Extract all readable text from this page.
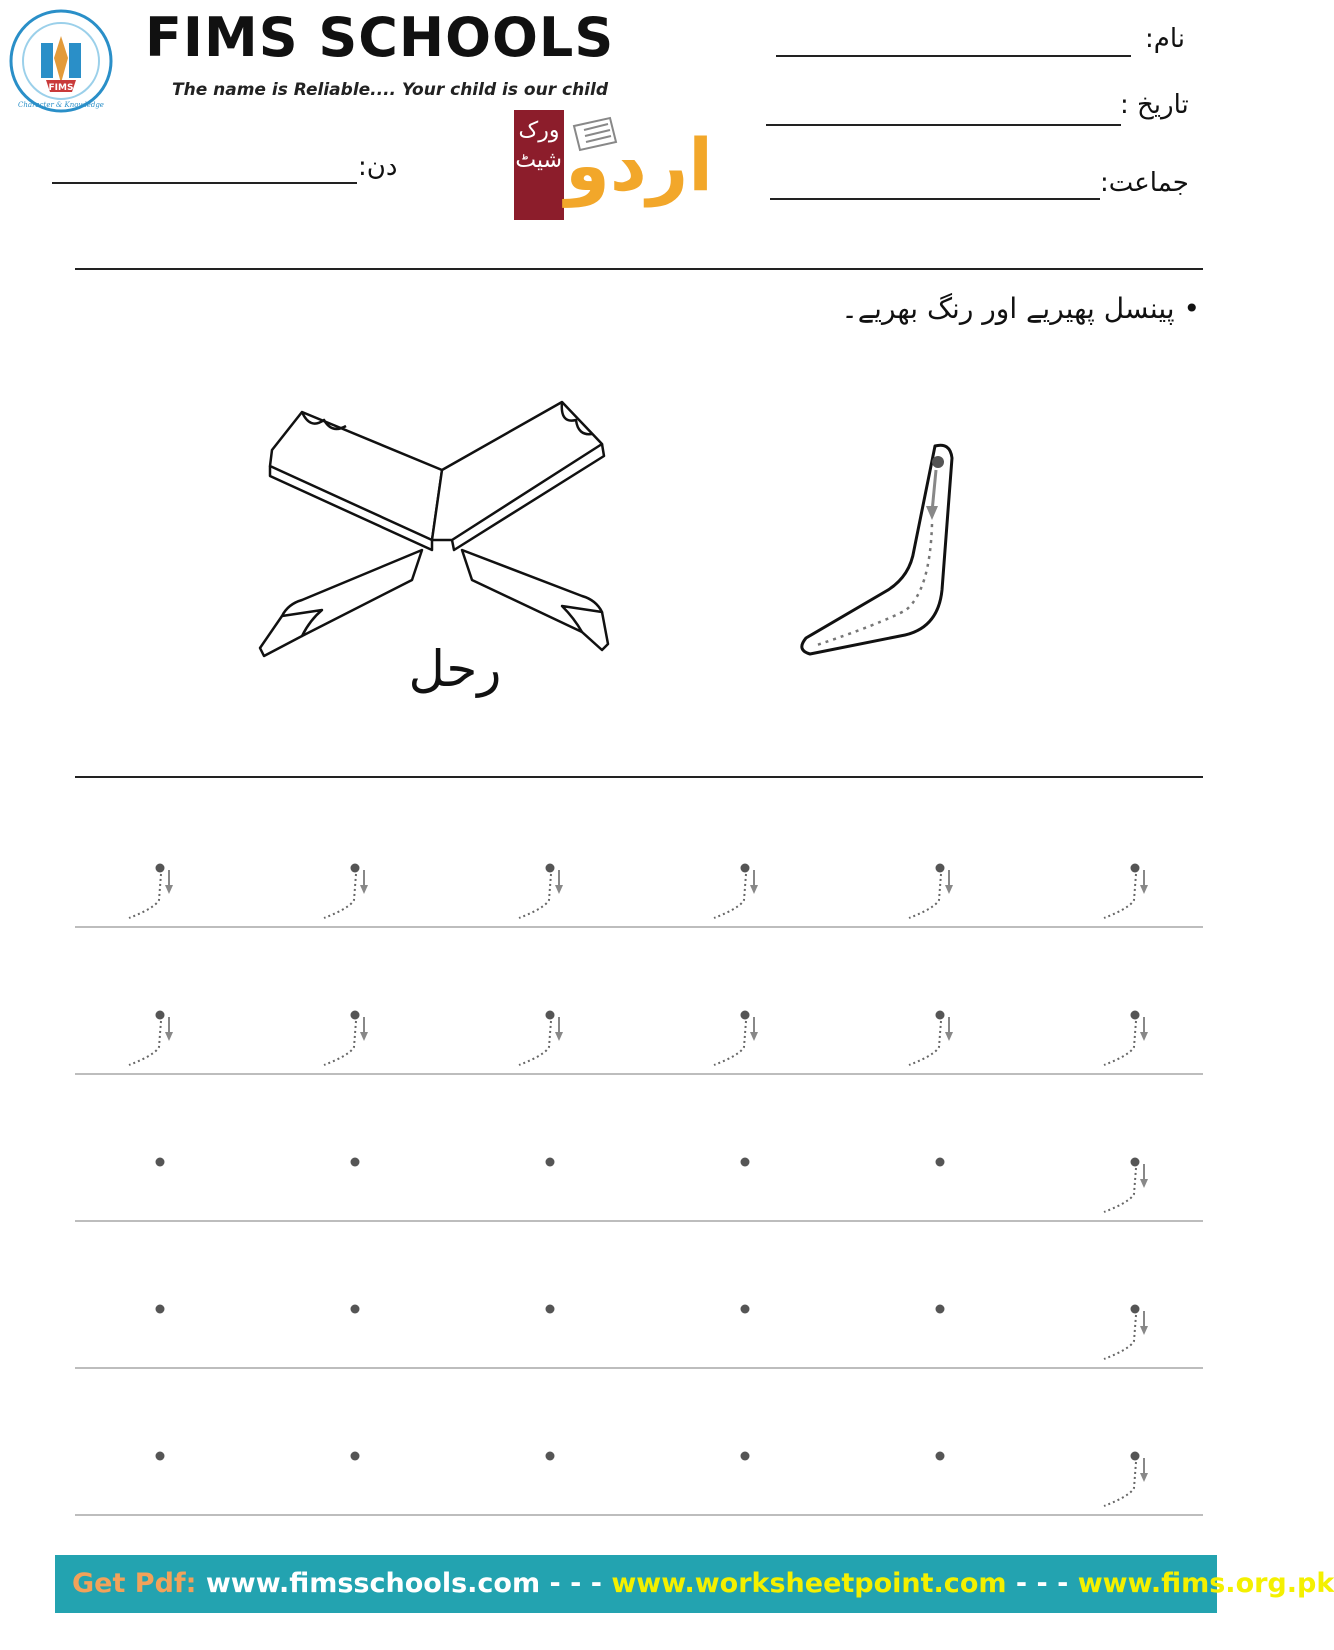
FIMS
Character & Knowledge
FIMS SCHOOLS
The name is Reliable.... Your child is our child
نام:
تاریخ :
جماعت:
دن:
ورک شیٹ اردو
• پینسل پھیریے اور رنگ بھریے۔
رحل
Get Pdf: www.fimsschools.com - - - www.worksheetpoint.com - - - www.fims.org.pk
